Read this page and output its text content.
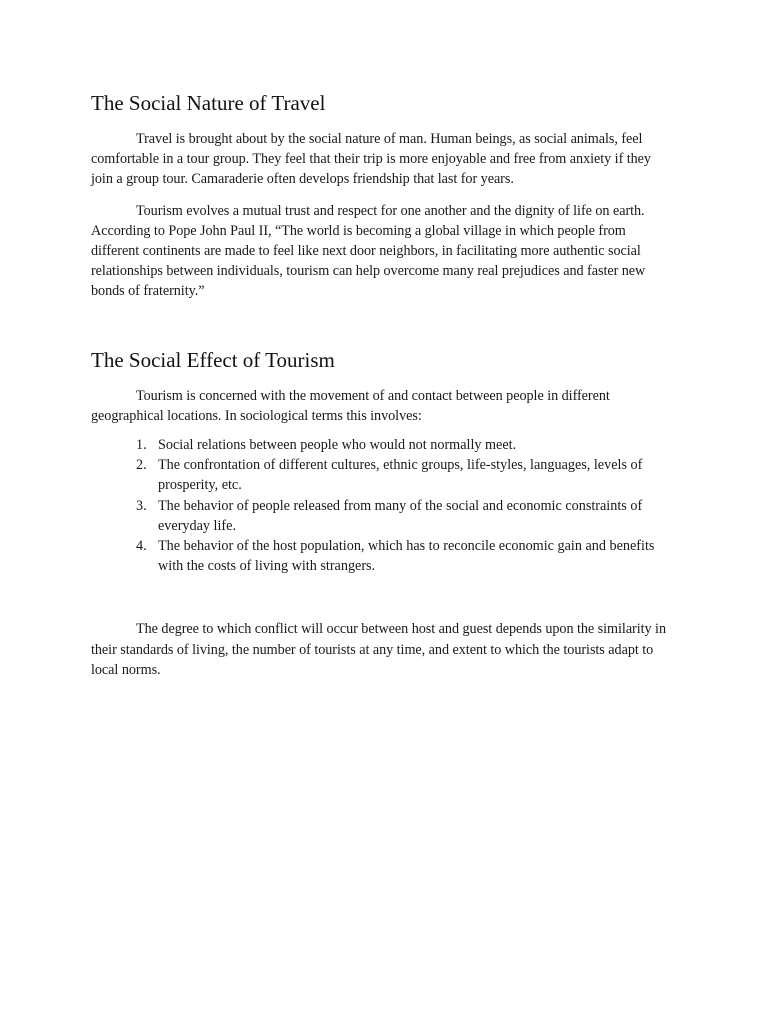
The Social Nature of Travel

Travel is brought about by the social nature of man. Human beings, as social animals, feel comfortable in a tour group. They feel that their trip is more enjoyable and free from anxiety if they join a group tour. Camaraderie often develops friendship that last for years.

Tourism evolves a mutual trust and respect for one another and the dignity of life on earth. According to Pope John Paul II, “The world is becoming a global village in which people from different continents are made to feel like next door neighbors, in facilitating more authentic social relationships between individuals, tourism can help overcome many real prejudices and faster new bonds of fraternity.”

The Social Effect of Tourism

Tourism is concerned with the movement of and contact between people in different geographical locations. In sociological terms this involves:

1. Social relations between people who would not normally meet.
2. The confrontation of different cultures, ethnic groups, life-styles, languages, levels of prosperity, etc.
3. The behavior of people released from many of the social and economic constraints of everyday life.
4. The behavior of the host population, which has to reconcile economic gain and benefits with the costs of living with strangers.

The degree to which conflict will occur between host and guest depends upon the similarity in their standards of living, the number of tourists at any time, and extent to which the tourists adapt to local norms.
